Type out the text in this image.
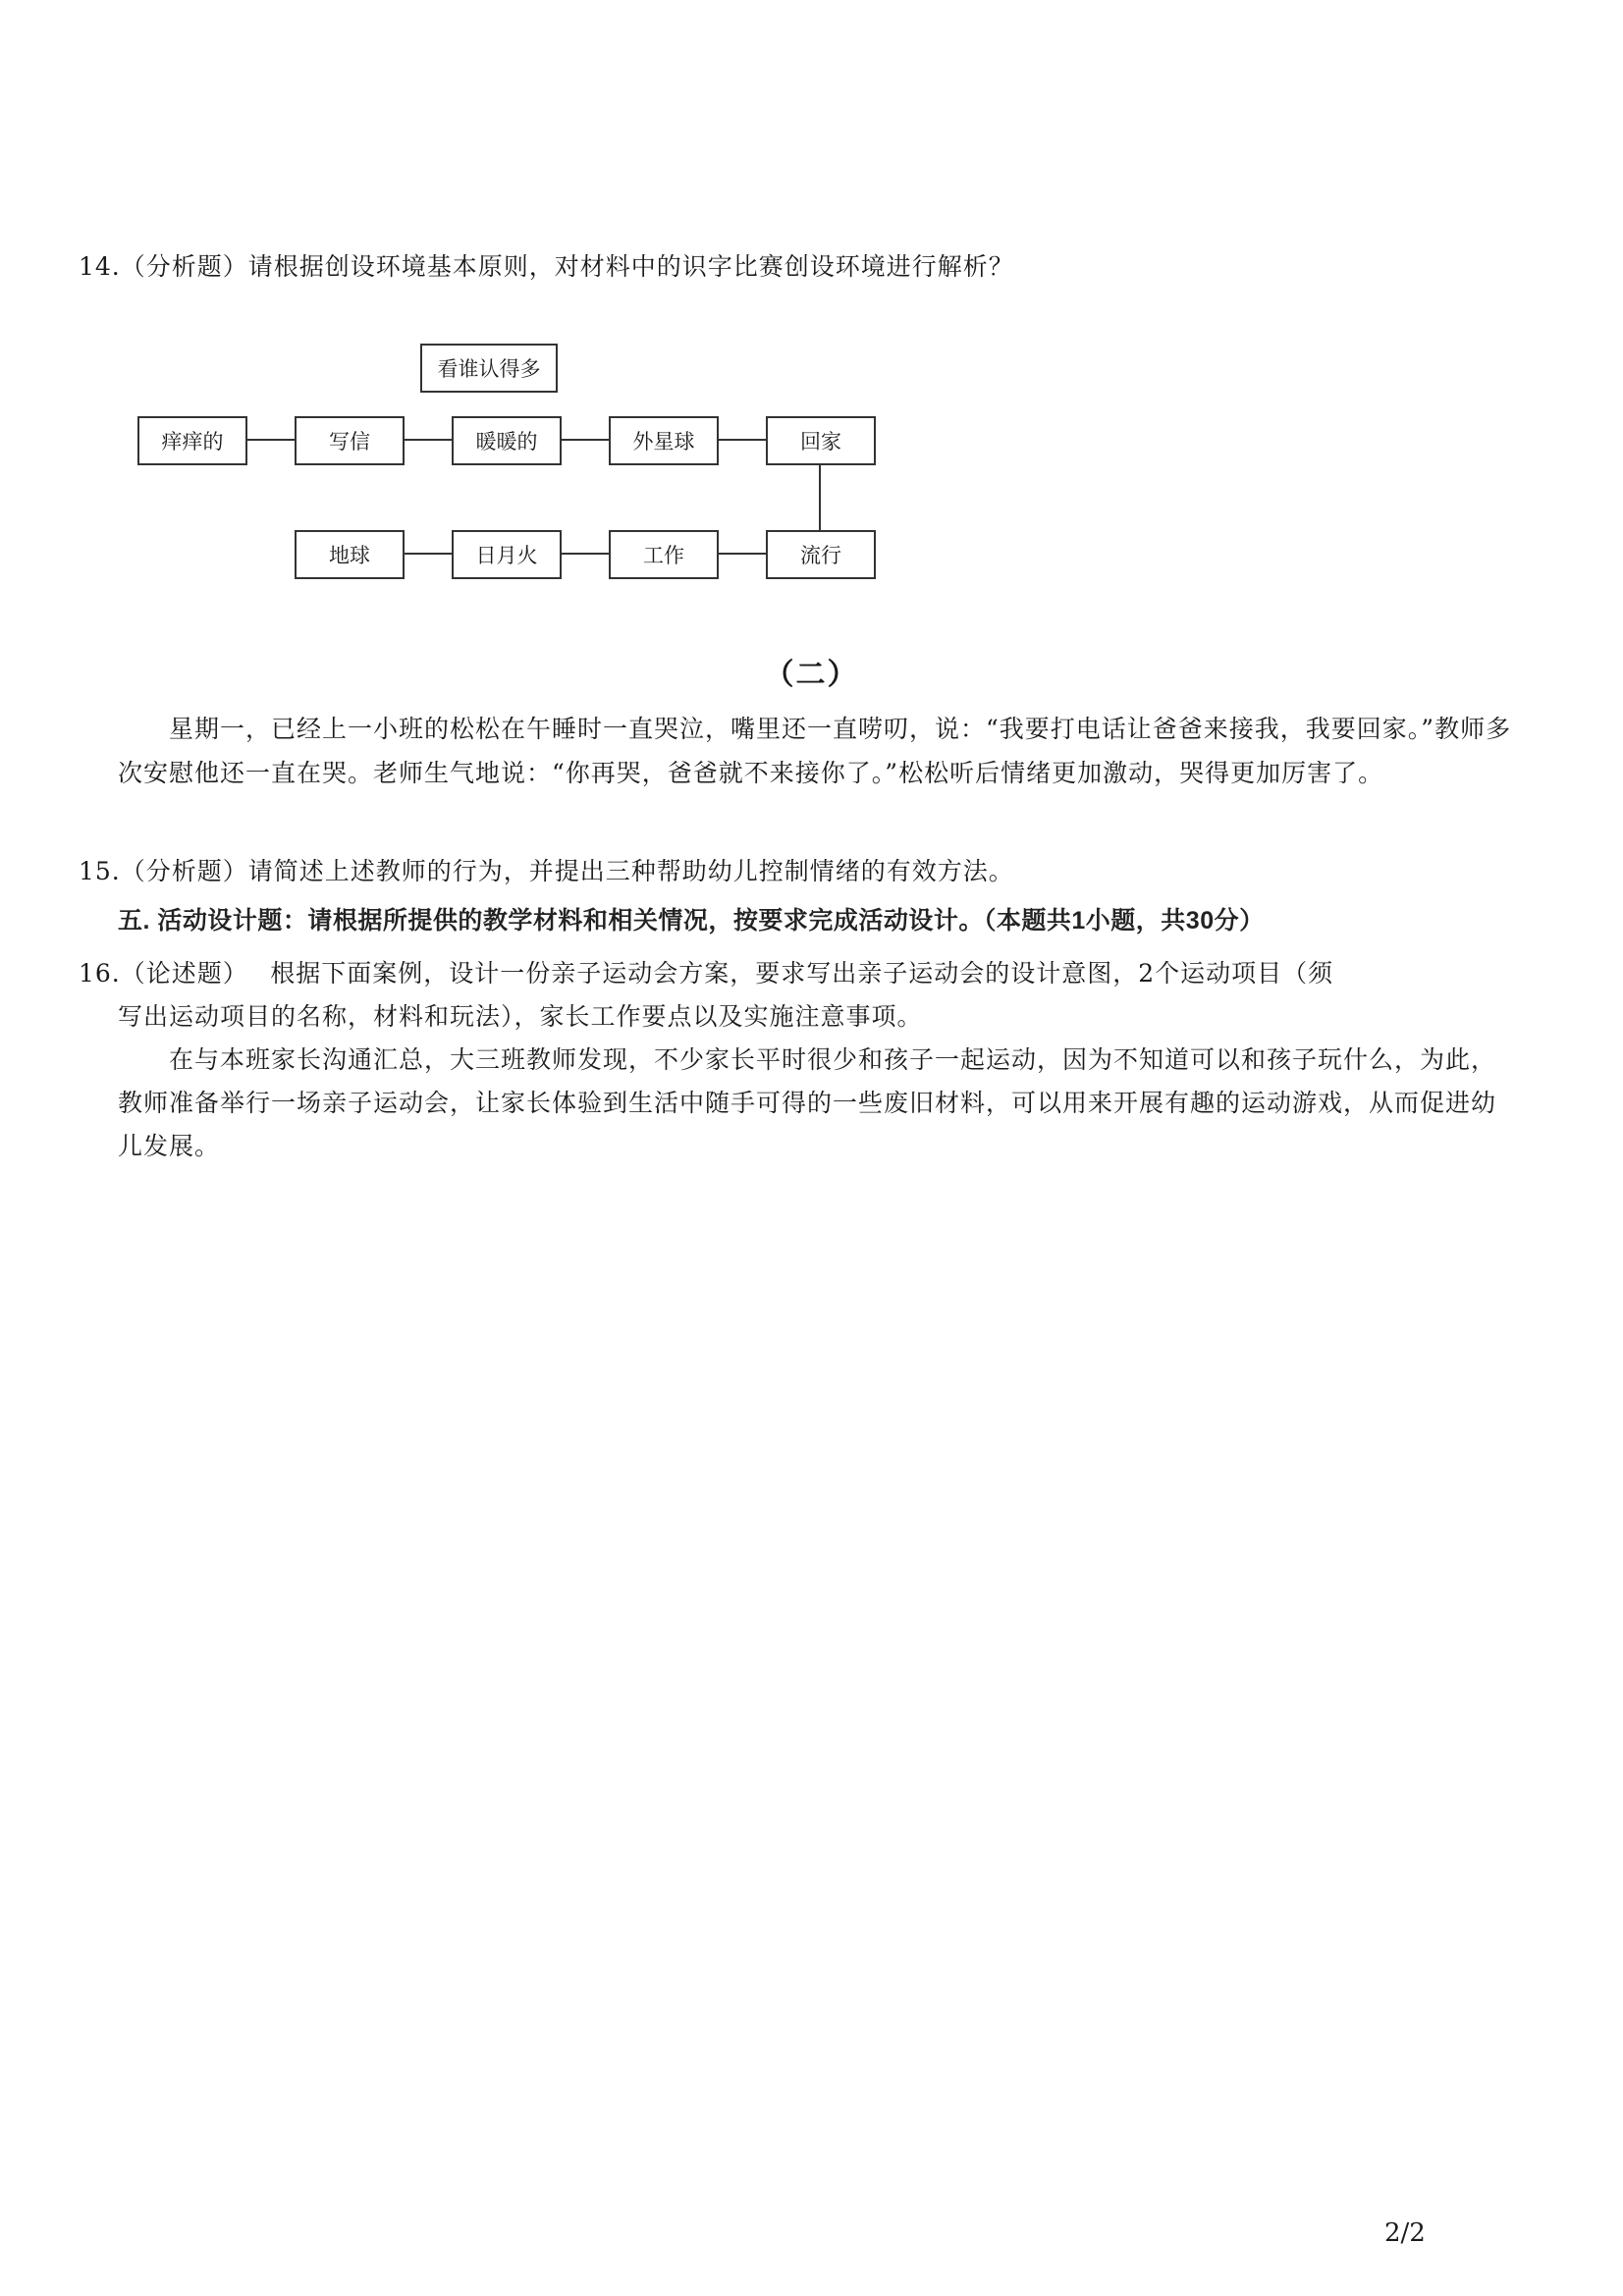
14.（分析题）请根据创设环境基本原则，对材料中的识字比赛创设环境进行解析？
看谁认得多
痒痒的	写信	暖暖的	外星球	回家
地球	日月火	工作	流行
（二）
星期一，已经上一小班的松松在午睡时一直哭泣，嘴里还一直唠叨，说：“我要打电话让爸爸来接我，我要回家。”教师多次安慰他还一直在哭。老师生气地说：“你再哭，爸爸就不来接你了。”松松听后情绪更加激动，哭得更加厉害了。
15.（分析题）请简述上述教师的行为，并提出三种帮助幼儿控制情绪的有效方法。
五. 活动设计题：请根据所提供的教学材料和相关情况，按要求完成活动设计。（本题共1小题，共30分）
16.（论述题）　 根据下面案例，设计一份亲子运动会方案，要求写出亲子运动会的设计意图，2个运动项目（须
写出运动项目的名称，材料和玩法），家长工作要点以及实施注意事项。
在与本班家长沟通汇总，大三班教师发现，不少家长平时很少和孩子一起运动，因为不知道可以和孩子玩什么，为此，教师准备举行一场亲子运动会，让家长体验到生活中随手可得的一些废旧材料，可以用来开展有趣的运动游戏，从而促进幼儿发展。
2/2
